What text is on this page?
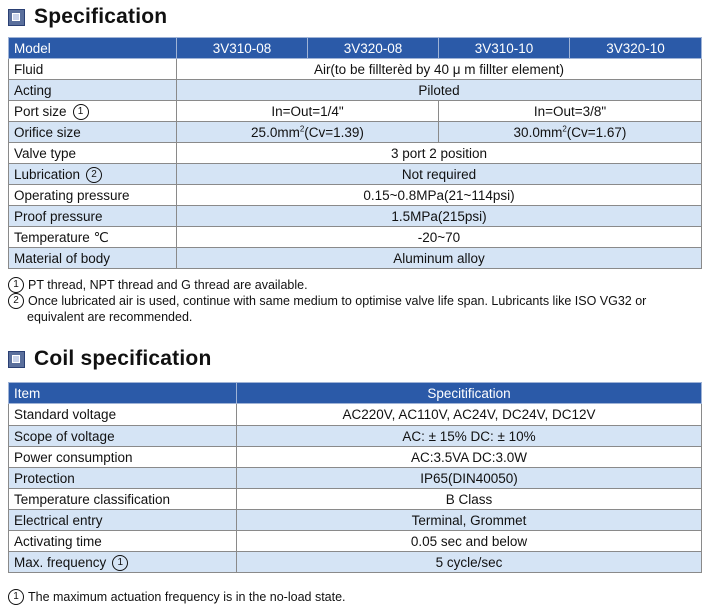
Specification
Model	3V310-08	3V320-08	3V310-10	3V320-10
Fluid	Air(to be fillterèd by 40 μ m fillter element)			
Acting	Piloted			
Port size 1	In=Out=1/4"		In=Out=3/8"	
Orifice size	$25.0mm^2(Cv=1.39)$		$30.0mm^2(Cv=1.67)$	
Valve type	3 port 2 position			
Lubrication 2	Not required			
Operating pressure	0.15~0.8MPa(21~114psi)			
Proof pressure	1.5MPa(215psi)			
Temperature ℃	-20~70			
Material of body	Aluminum alloy			
1 PT thread, NPT thread and G thread are available.
2 Once lubricated air is used, continue with same medium to optimise valve life span. Lubricants like ISO VG32 or
equivalent are recommended.
Coil specification
Item	Specitification
Standard voltage	AC220V, AC110V, AC24V, DC24V, DC12V
Scope of voltage	AC: ± 15% DC: ± 10%
Power consumption	AC:3.5VA DC:3.0W
Protection	IP65(DIN40050)
Temperature classification	B Class
Electrical entry	Terminal, Grommet
Activating time	0.05 sec and below
Max. frequency 1	5 cycle/sec
1 The maximum actuation frequency is in the no-load state.
